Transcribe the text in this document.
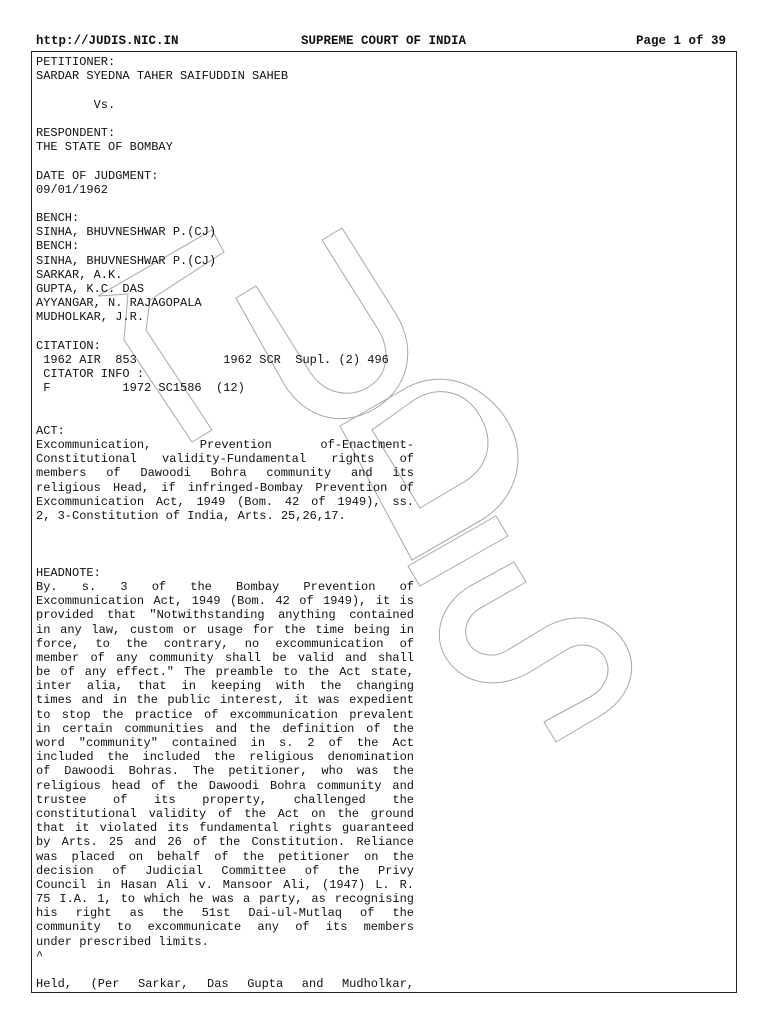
http://JUDIS.NIC.IN	SUPREME COURT OF INDIA	Page 1 of 39
PETITIONER:
SARDAR SYEDNA TAHER SAIFUDDIN SAHEB
Vs.
RESPONDENT:
THE STATE OF BOMBAY
DATE OF JUDGMENT:
09/01/1962
BENCH:
SINHA, BHUVNESHWAR P.(CJ)
BENCH:
SINHA, BHUVNESHWAR P.(CJ)
SARKAR, A.K.
GUPTA, K.C. DAS
AYYANGAR, N. RAJAGOPALA
MUDHOLKAR, J.R.
CITATION:
1962 AIR  853            1962 SCR  Supl. (2) 496
CITATOR INFO :
F          1972 SC1586  (12)
ACT:
Excommunication, Prevention of-Enactment-
Constitutional validity-Fundamental rights of
members of Dawoodi Bohra community and its
religious Head, if infringed-Bombay Prevention of
Excommunication Act, 1949 (Bom. 42 of 1949), ss.
2, 3-Constitution of India, Arts. 25,26,17.
HEADNOTE:
By. s. 3 of the Bombay Prevention of
Excommunication Act, 1949 (Bom. 42 of 1949), it is
provided that "Notwithstanding anything contained
in any law, custom or usage for the time being in
force, to the contrary, no excommunication of
member of any community shall be valid and shall
be of any effect." The preamble to the Act state,
inter alia, that in keeping with the changing
times and in the public interest, it was expedient
to stop the practice of excommunication prevalent
in certain communities and the definition of the
word "community" contained in s. 2 of the Act
included the included the religious denomination
of Dawoodi Bohras. The petitioner, who was the
religious head of the Dawoodi Bohra community and
trustee of its property, challenged the
constitutional validity of the Act on the ground
that it violated its fundamental rights guaranteed
by Arts. 25 and 26 of the Constitution. Reliance
was placed on behalf of the petitioner on the
decision of Judicial Committee of the Privy
Council in Hasan Ali v. Mansoor Ali, (1947) L. R.
75 I.A. 1, to which he was a party, as recognising
his right as the 51st Dai-ul-Mutlaq of the
community to excommunicate any of its members
under prescribed limits.
^
Held, (Per Sarkar, Das Gupta and Mudholkar,
